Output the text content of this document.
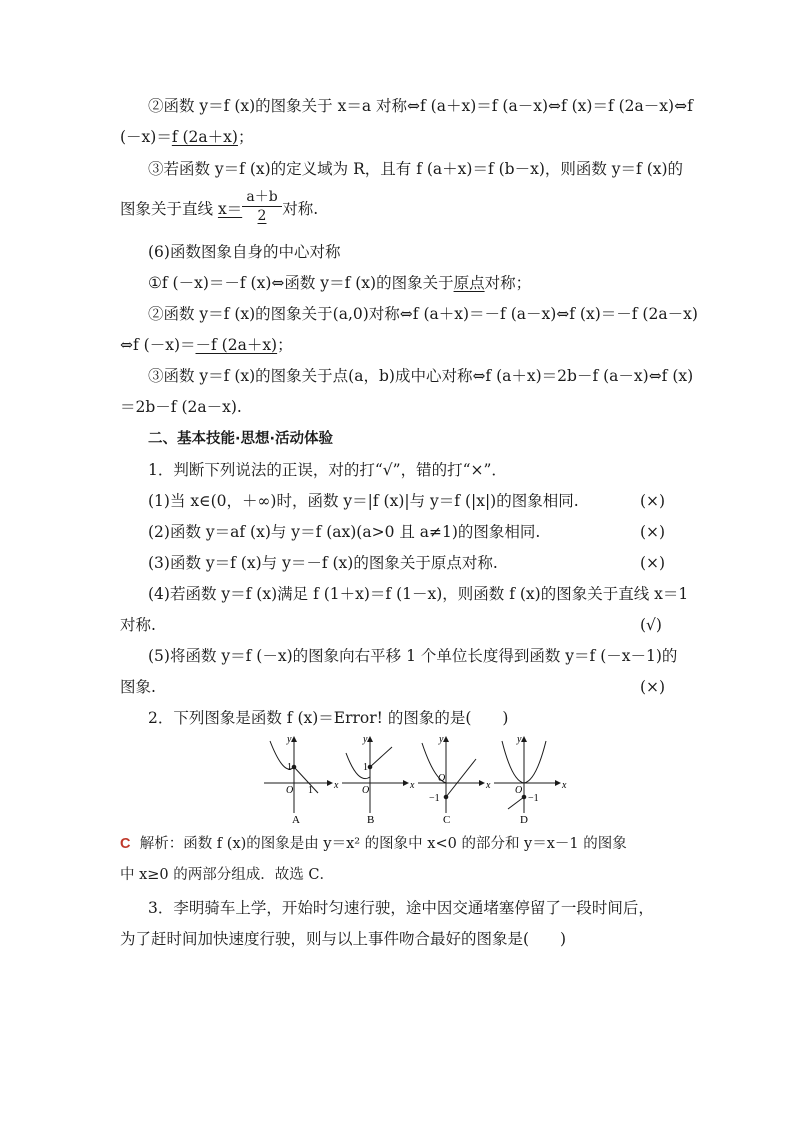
②函数 y＝f (x)的图象关于 x＝a 对称⇔f (a＋x)＝f (a－x)⇔f (x)＝f (2a－x)⇔f
(－x)＝f (2a＋x)；
③若函数 y＝f (x)的定义域为 R，且有 f (a＋x)＝f (b－x)，则函数 y＝f (x)的
图象关于直线 x＝	对称.
$\frac{a+b}{2}$
(6)函数图象自身的中心对称
①f (－x)＝－f (x)⇔函数 y＝f (x)的图象关于原点对称；
②函数 y＝f (x)的图象关于(a,0)对称⇔f (a＋x)＝－f (a－x)⇔f (x)＝－f (2a－x)
⇔f (－x)＝－f (2a＋x)；
③函数 y＝f (x)的图象关于点(a，b)成中心对称⇔f (a＋x)＝2b－f (a－x)⇔f (x)
＝2b－f (2a－x).
二、基本技能·思想·活动体验
1．判断下列说法的正误，对的打“√”，错的打“×”．
(1)当 x∈(0，＋∞)时，函数 y＝|f (x)|与 y＝f (|x|)的图象相同.	(×)
(2)函数 y＝af (x)与 y＝f (ax)(a>0 且 a≠1)的图象相同.	(×)
(3)函数 y＝f (x)与 y＝－f (x)的图象关于原点对称.	(×)
(4)若函数 y＝f (x)满足 f (1＋x)＝f (1－x)，则函数 f (x)的图象关于直线 x＝1
对称.	(√)
(5)将函数 y＝f (－x)的图象向右平移 1 个单位长度得到函数 y＝f (－x－1)的
图象.	(×)
2．下列图象是函数 f (x)＝Error! 的图象的是(　　)
x
y
O
1
1
A
x
y
O
1
B
x
y
O
−1
C
x
y
O
−1
D
C 解析：函数 f (x)的图象是由 y＝x² 的图象中 x<0 的部分和 y＝x－1 的图象
中 x≥0 的两部分组成．故选 C．
3．李明骑车上学，开始时匀速行驶，途中因交通堵塞停留了一段时间后，
为了赶时间加快速度行驶，则与以上事件吻合最好的图象是(　　)
